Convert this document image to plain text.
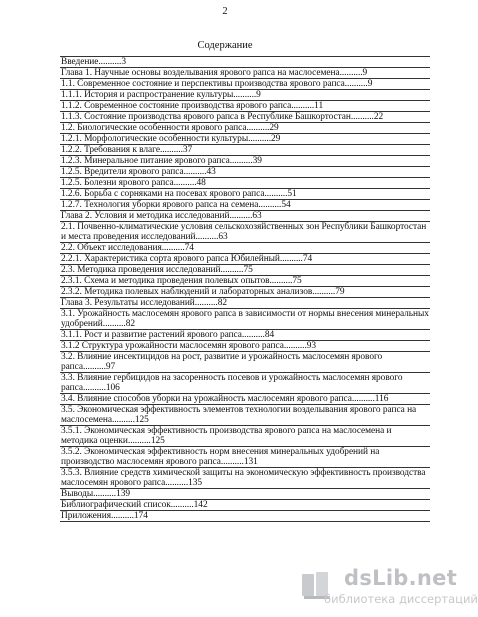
2
Содержание
Введение..........3
Глава 1. Научные основы возделывания ярового рапса на маслосемена..........9
1.1. Современное состояние и перспективы производства ярового рапса..........9
1.1.1. История и распространение культуры..........9
1.1.2. Современное состояние производства ярового рапса..........11
1.1.3. Состояние производства ярового рапса в Республике Башкортостан..........22
1.2. Биологические особенности ярового рапса..........29
1.2.1. Морфологические особенности культуры..........29
1.2.2. Требования к влаге..........37
1.2.3. Минеральное питание ярового рапса..........39
1.2.5. Вредители ярового рапса..........43
1.2.5. Болезни ярового рапса..........48
1.2.6. Борьба с сорняками на посевах ярового рапса..........51
1.2.7. Технология уборки ярового рапса на семена..........54
Глава 2. Условия и методика исследований..........63
2.1. Почвенно-климатические условия сельскохозяйственных зон Республики Башкортостан и места проведения исследований..........63
2.2. Объект исследования..........74
2.2.1. Характеристика сорта ярового рапса Юбилейный..........74
2.3. Методика проведения исследований..........75
2.3.1. Схема и методика проведения полевых опытов..........75
2.3.2. Методика полевых наблюдений и лабораторных анализов..........79
Глава 3. Результаты исследований..........82
3.1. Урожайность маслосемян ярового рапса в зависимости от нормы внесения минеральных удобрений..........82
3.1.1. Рост и развитие растений ярового рапса..........84
3.1.2 Структура урожайности маслосемян ярового рапса..........93
3.2. Влияние инсектицидов на рост, развитие и урожайность маслосемян ярового рапса..........97
3.3. Влияние гербицидов на засоренность посевов и урожайность маслосемян ярового рапса..........106
3.4. Влияние способов уборки на урожайность маслосемян ярового рапса..........116
3.5. Экономическая эффективность элементов технологии возделывания ярового рапса на маслосемена..........125
3.5.1. Экономическая эффективность производства ярового рапса на маслосемена и методика оценки..........125
3.5.2. Экономическая эффективность норм внесения минеральных удобрений на производство маслосемян ярового рапса..........131
3.5.3. Влияние средств химической защиты на экономическую эффективность производства маслосемян ярового рапса..........135
Выводы..........139
Библиографический список..........142
Приложения..........174
dsLib.net
библиотека диссертаций
